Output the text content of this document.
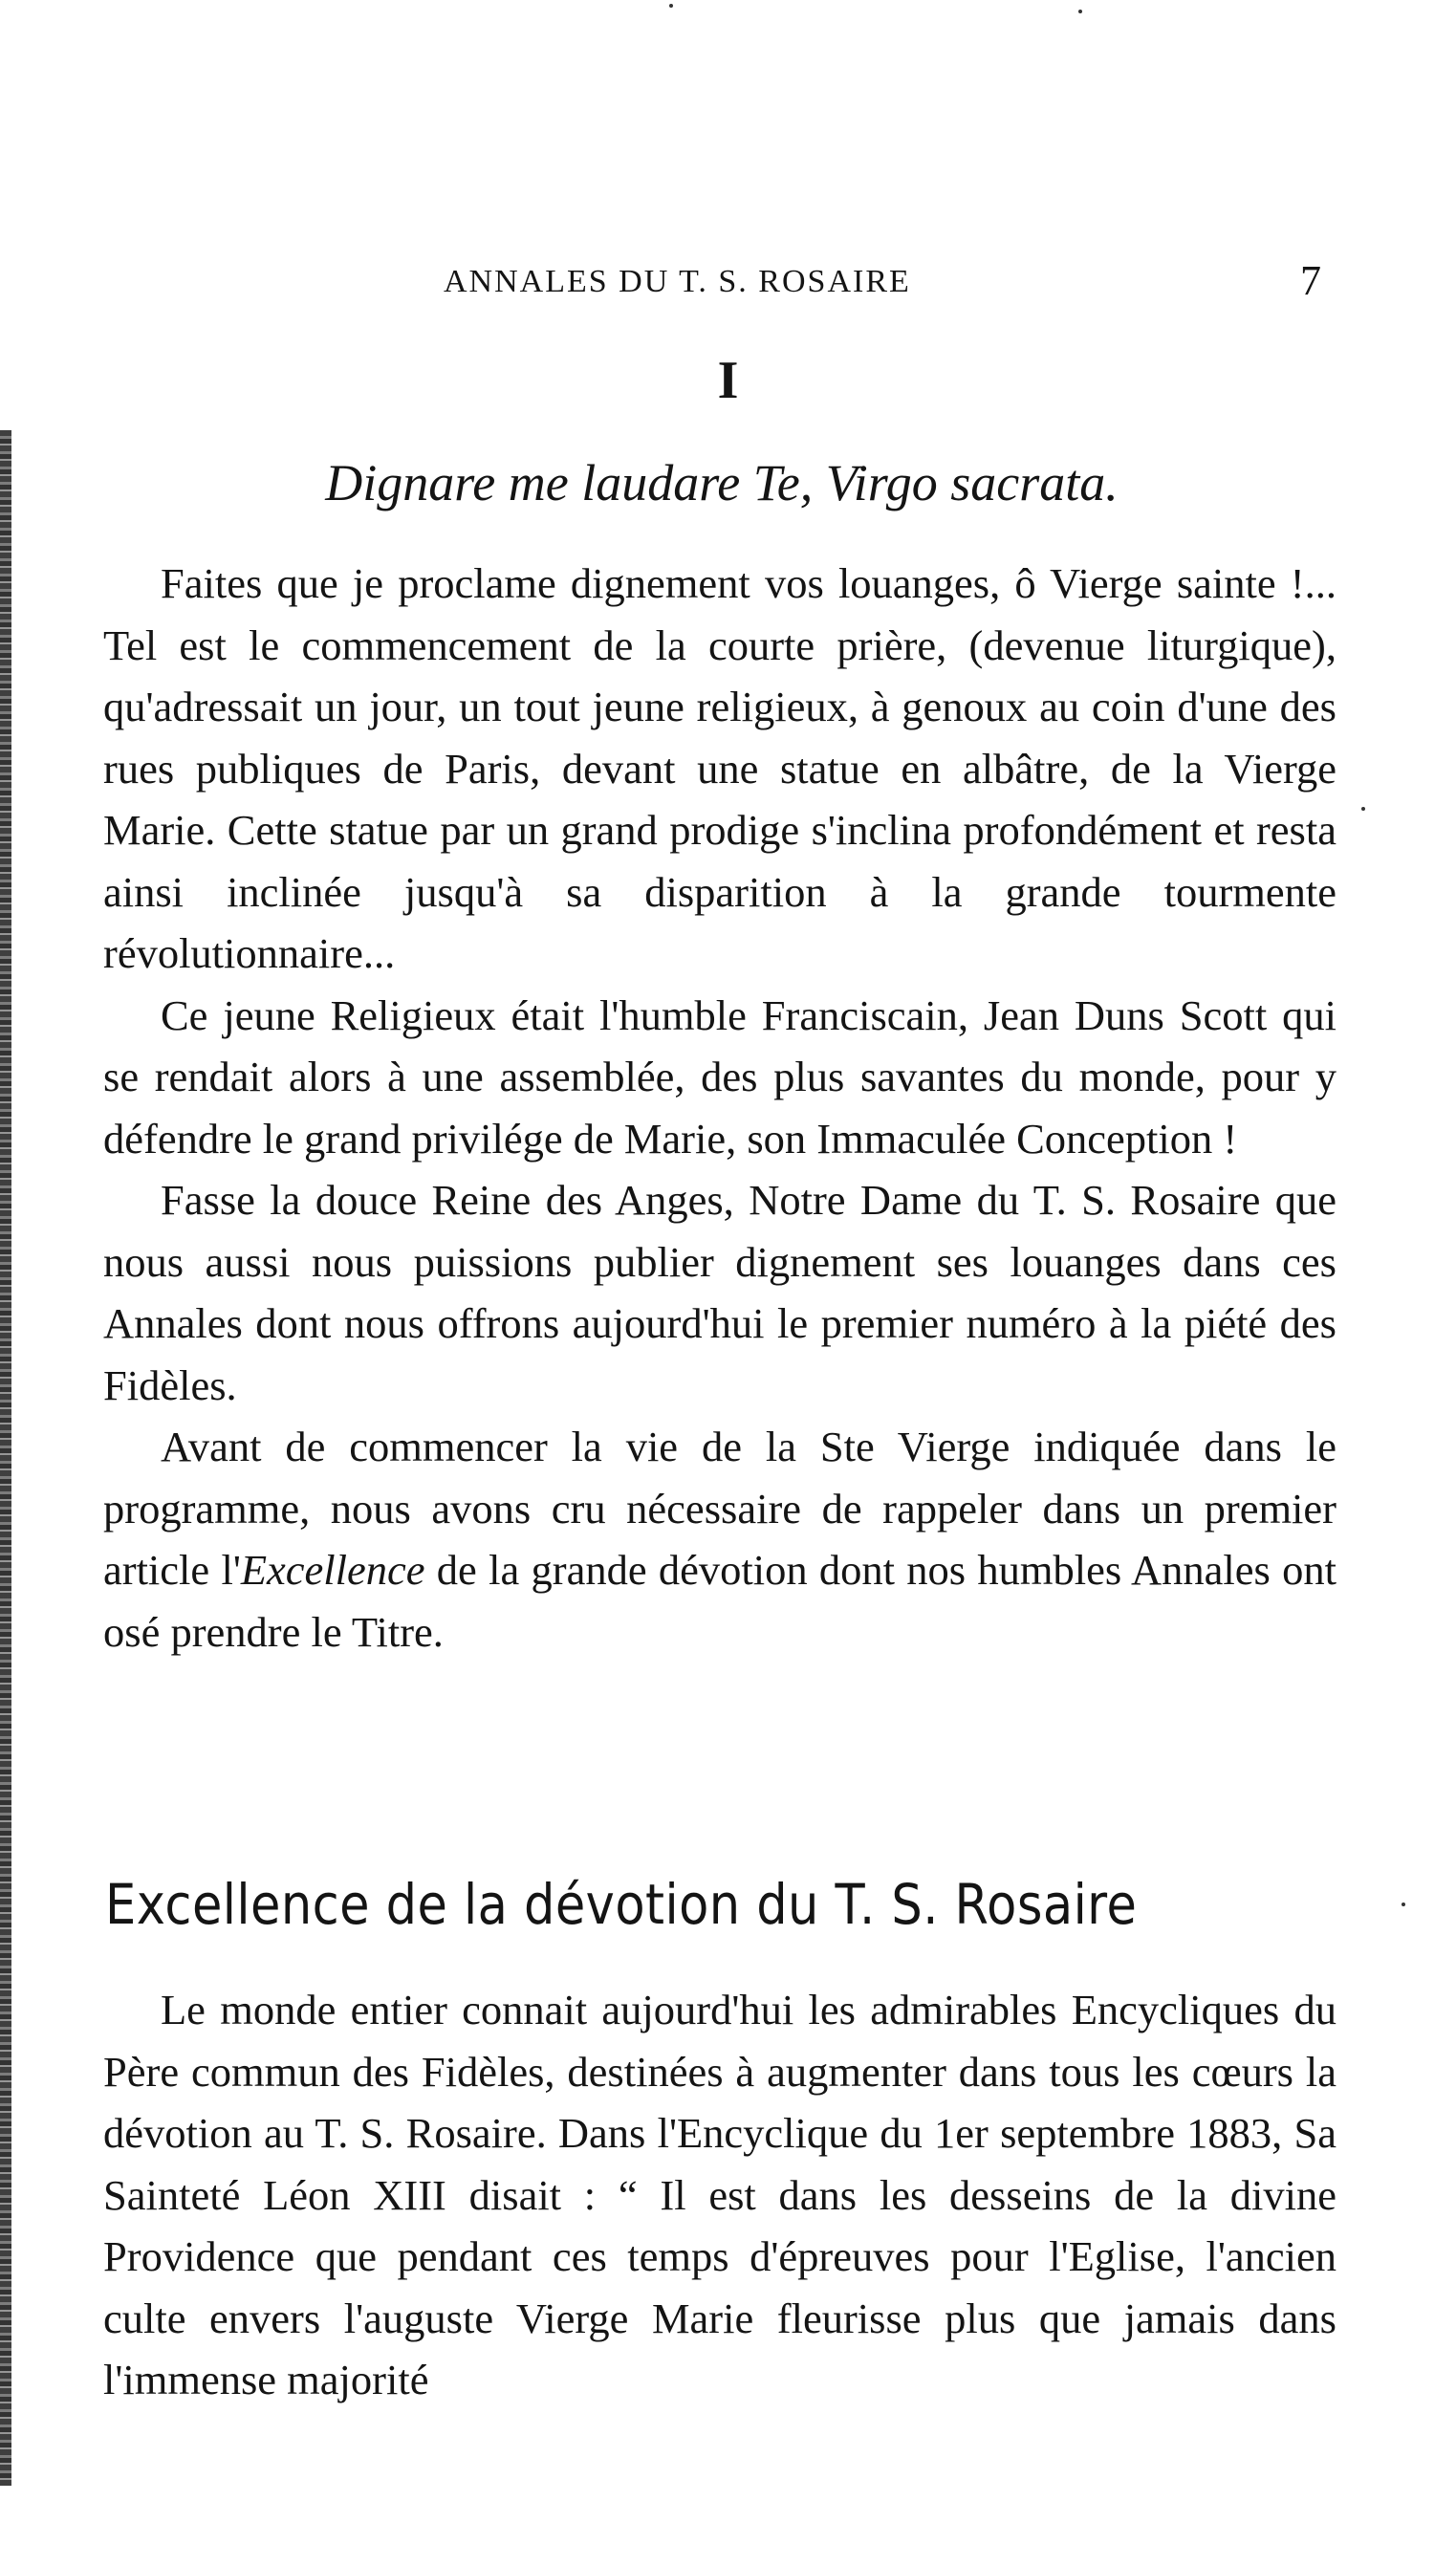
ANNALES DU T. S. ROSAIRE	7
I
Dignare me laudare Te, Virgo sacrata.

Faites que je proclame dignement vos louanges, ô Vierge sainte !... Tel est le commencement de la courte prière, (devenue liturgique), qu'adressait un jour, un tout jeune religieux, à genoux au coin d'une des rues publiques de Paris, devant une statue en albâtre, de la Vierge Marie. Cette statue par un grand prodige s'inclina profondément et resta ainsi inclinée jusqu'à sa disparition à la grande tourmente révolutionnaire...

Ce jeune Religieux était l'humble Franciscain, Jean Duns Scott qui se rendait alors à une assemblée, des plus savantes du monde, pour y défendre le grand privilége de Marie, son Immaculée Conception !

Fasse la douce Reine des Anges, Notre Dame du T. S. Rosaire que nous aussi nous puissions publier dignement ses louanges dans ces Annales dont nous offrons aujourd'hui le premier numéro à la piété des Fidèles.

Avant de commencer la vie de la Ste Vierge indiquée dans le programme, nous avons cru nécessaire de rappeler dans un premier article l'Excellence de la grande dévotion dont nos humbles Annales ont osé prendre le Titre.

Excellence de la dévotion du T. S. Rosaire

Le monde entier connait aujourd'hui les admirables Encycliques du Père commun des Fidèles, destinées à augmenter dans tous les cœurs la dévotion au T. S. Rosaire. Dans l'Encyclique du 1er septembre 1883, Sa Sainteté Léon XIII disait : “ Il est dans les desseins de la divine Providence que pendant ces temps d'épreuves pour l'Eglise, l'ancien culte envers l'auguste Vierge Marie fleurisse plus que jamais dans l'immense majorité
